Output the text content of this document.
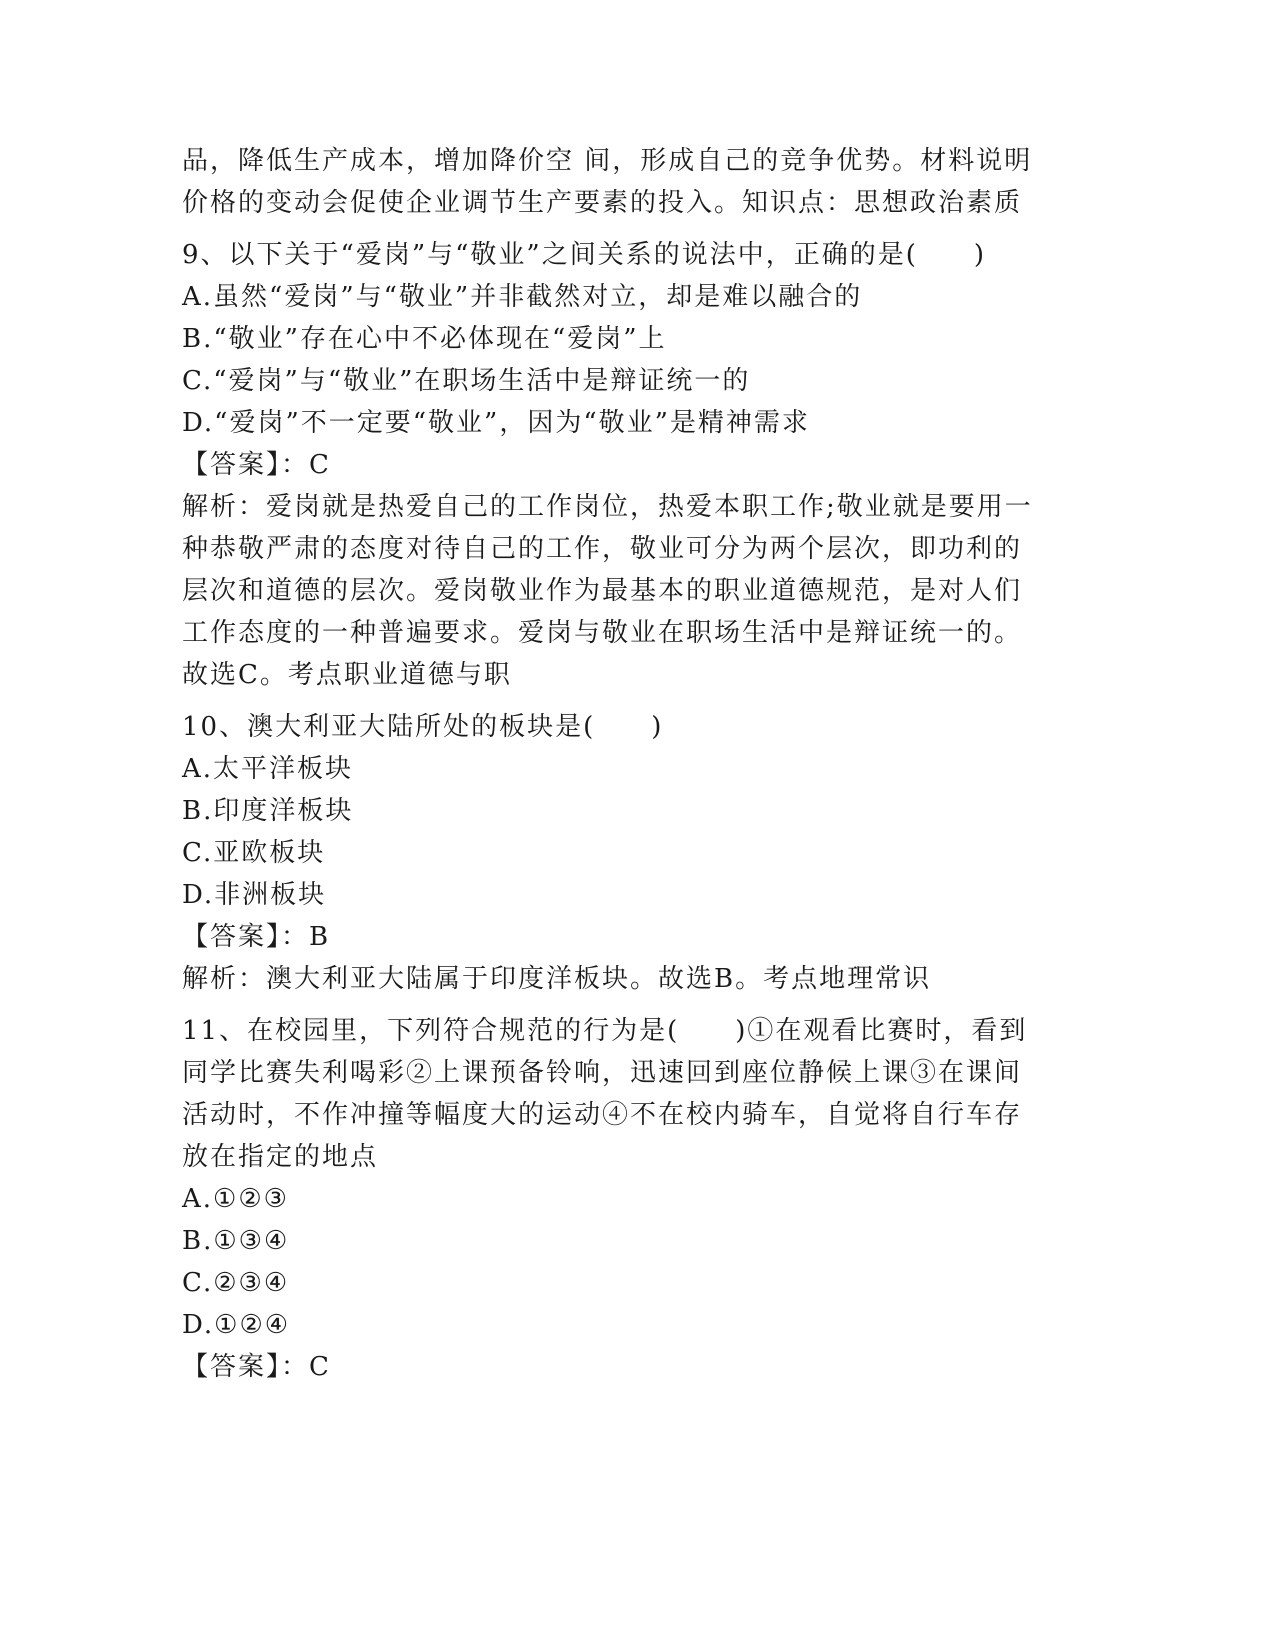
品，降低生产成本，增加降价空 间，形成自己的竞争优势。材料说明
价格的变动会促使企业调节生产要素的投入。知识点：思想政治素质
9、以下关于“爱岗”与“敬业”之间关系的说法中，正确的是(　　)
A.虽然“爱岗”与“敬业”并非截然对立，却是难以融合的
B.“敬业”存在心中不必体现在“爱岗”上
C.“爱岗”与“敬业”在职场生活中是辩证统一的
D.“爱岗”不一定要“敬业”，因为“敬业”是精神需求
【答案】：C
解析：爱岗就是热爱自己的工作岗位，热爱本职工作;敬业就是要用一
种恭敬严肃的态度对待自己的工作，敬业可分为两个层次，即功利的
层次和道德的层次。爱岗敬业作为最基本的职业道德规范，是对人们
工作态度的一种普遍要求。爱岗与敬业在职场生活中是辩证统一的。
故选C。考点职业道德与职
10、澳大利亚大陆所处的板块是(　　)
A.太平洋板块
B.印度洋板块
C.亚欧板块
D.非洲板块
【答案】：B
解析：澳大利亚大陆属于印度洋板块。故选B。考点地理常识
11、在校园里，下列符合规范的行为是(　　)①在观看比赛时，看到
同学比赛失利喝彩②上课预备铃响，迅速回到座位静候上课③在课间
活动时，不作冲撞等幅度大的运动④不在校内骑车，自觉将自行车存
放在指定的地点
A.①②③
B.①③④
C.②③④
D.①②④
【答案】：C
